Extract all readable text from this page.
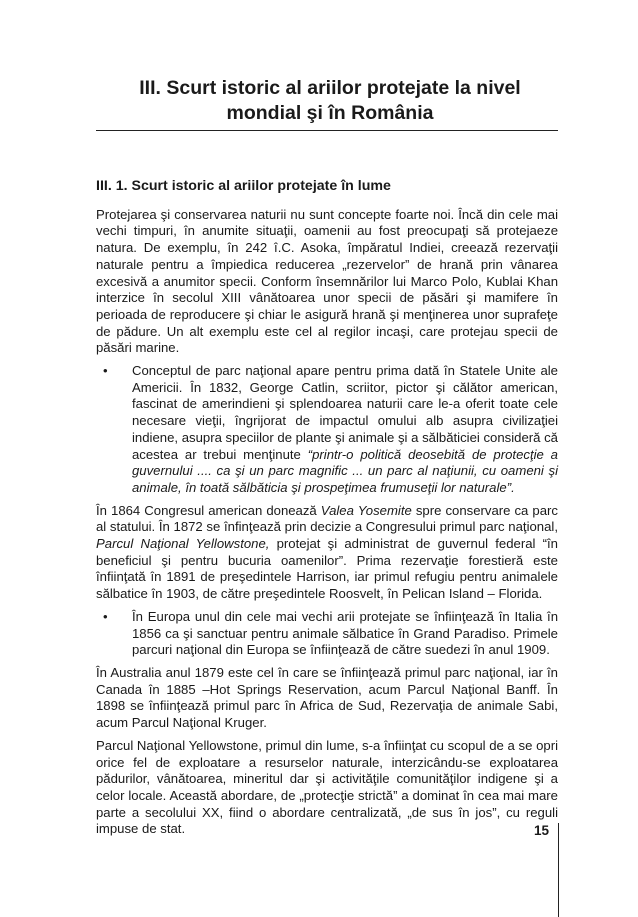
III. Scurt istoric al ariilor protejate la nivel
mondial şi în România
III. 1. Scurt istoric al ariilor protejate în lume

Protejarea şi conservarea naturii nu sunt concepte foarte noi. Încă din cele mai vechi timpuri, în anumite situaţii, oamenii au fost preocupaţi să protejaeze natura. De exemplu, în 242 î.C. Asoka, împăratul Indiei, creează rezervaţii naturale pentru a împiedica reducerea „rezervelor” de hrană prin vânarea excesivă a anumitor specii. Conform însemnărilor lui Marco Polo, Kublai Khan interzice în secolul XIII vânătoarea unor specii de păsări şi mamifere în perioada de reproducere şi chiar le asigură hrană şi menţinerea unor suprafeţe de pădure. Un alt exemplu este cel al regilor incaşi, care protejau specii de păsări marine.

•	Conceptul de parc naţional apare pentru prima dată în Statele Unite ale Americii. În 1832, George Catlin, scriitor, pictor şi călător american, fascinat de amerindieni şi splendoarea naturii care le-a oferit toate cele necesare vieţii, îngrijorat de impactul omului alb asupra civilizaţiei indiene, asupra speciilor de plante şi animale şi a sălbăticiei consideră că acestea ar trebui menţinute “printr-o politică deosebită de protecţie a guvernului .... ca şi un parc magnific ... un parc al naţiunii, cu oameni şi animale, în toată sălbăticia şi prospeţimea frumuseţii lor naturale”.

În 1864 Congresul american donează Valea Yosemite spre conservare ca parc al statului. În 1872 se înfinţează prin decizie a Congresului primul parc naţional, Parcul Naţional Yellowstone, protejat şi administrat de guvernul federal “în beneficiul şi pentru bucuria oamenilor”. Prima rezervaţie forestieră este înfiinţată în 1891 de preşedintele Harrison, iar primul refugiu pentru animalele sălbatice în 1903, de către preşedintele Roosvelt, în Pelican Island – Florida.

•	În Europa unul din cele mai vechi arii protejate se înfiinţează în Italia în 1856 ca şi sanctuar pentru animale sălbatice în Grand Paradiso. Primele parcuri naţional din Europa se înfiinţează de către suedezi în anul 1909.

În Australia anul 1879 este cel în care se înfiinţează primul parc naţional, iar în Canada în 1885 –Hot Springs Reservation, acum Parcul Naţional Banff. În 1898 se înfiinţează primul parc în Africa de Sud, Rezervaţia de animale Sabi, acum Parcul Naţional Kruger.

Parcul Naţional Yellowstone, primul din lume, s-a înfiinţat cu scopul de a se opri orice fel de exploatare a resurselor naturale, interzicându-se exploatarea pădurilor, vânătoarea, mineritul dar şi activităţile comunităţilor indigene şi a celor locale. Această abordare, de „protecţie strictă” a dominat în cea mai mare parte a secolului XX, fiind o abordare centralizată, „de sus în jos”, cu reguli impuse de stat.	15
